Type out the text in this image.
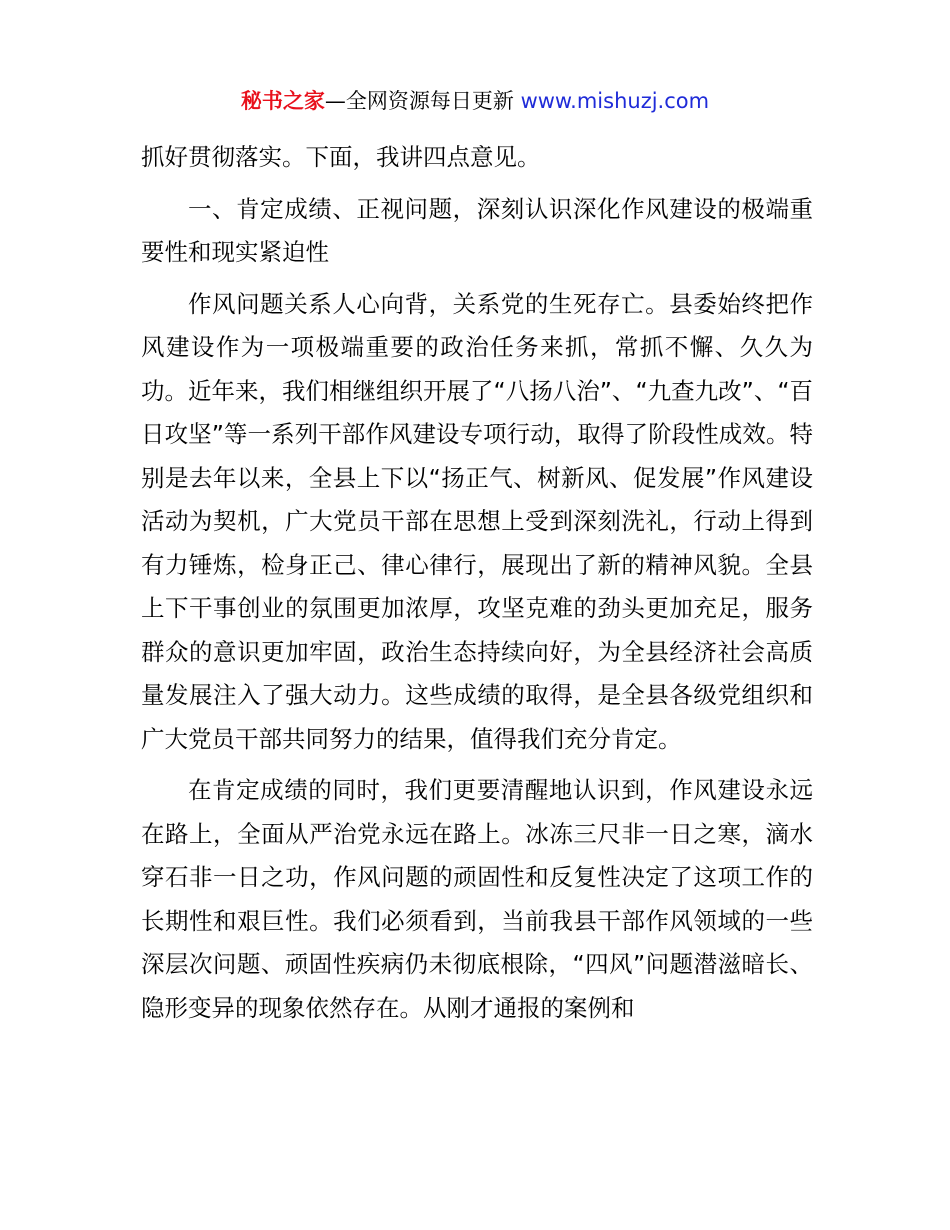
秘书之家—全网资源每日更新 www.mishuzj.com

抓好贯彻落实。下面，我讲四点意见。

一、肯定成绩、正视问题，深刻认识深化作风建设的极端重要性和现实紧迫性

作风问题关系人心向背，关系党的生死存亡。县委始终把作风建设作为一项极端重要的政治任务来抓，常抓不懈、久久为功。近年来，我们相继组织开展了“八扬八治”、“九查九改”、“百日攻坚”等一系列干部作风建设专项行动，取得了阶段性成效。特别是去年以来，全县上下以“扬正气、树新风、促发展”作风建设活动为契机，广大党员干部在思想上受到深刻洗礼，行动上得到有力锤炼，检身正己、律心律行，展现出了新的精神风貌。全县上下干事创业的氛围更加浓厚，攻坚克难的劲头更加充足，服务群众的意识更加牢固，政治生态持续向好，为全县经济社会高质量发展注入了强大动力。这些成绩的取得，是全县各级党组织和广大党员干部共同努力的结果，值得我们充分肯定。

在肯定成绩的同时，我们更要清醒地认识到，作风建设永远在路上，全面从严治党永远在路上。冰冻三尺非一日之寒，滴水穿石非一日之功，作风问题的顽固性和反复性决定了这项工作的长期性和艰巨性。我们必须看到，当前我县干部作风领域的一些深层次问题、顽固性疾病仍未彻底根除，“四风”问题潜滋暗长、隐形变异的现象依然存在。从刚才通报的案例和
